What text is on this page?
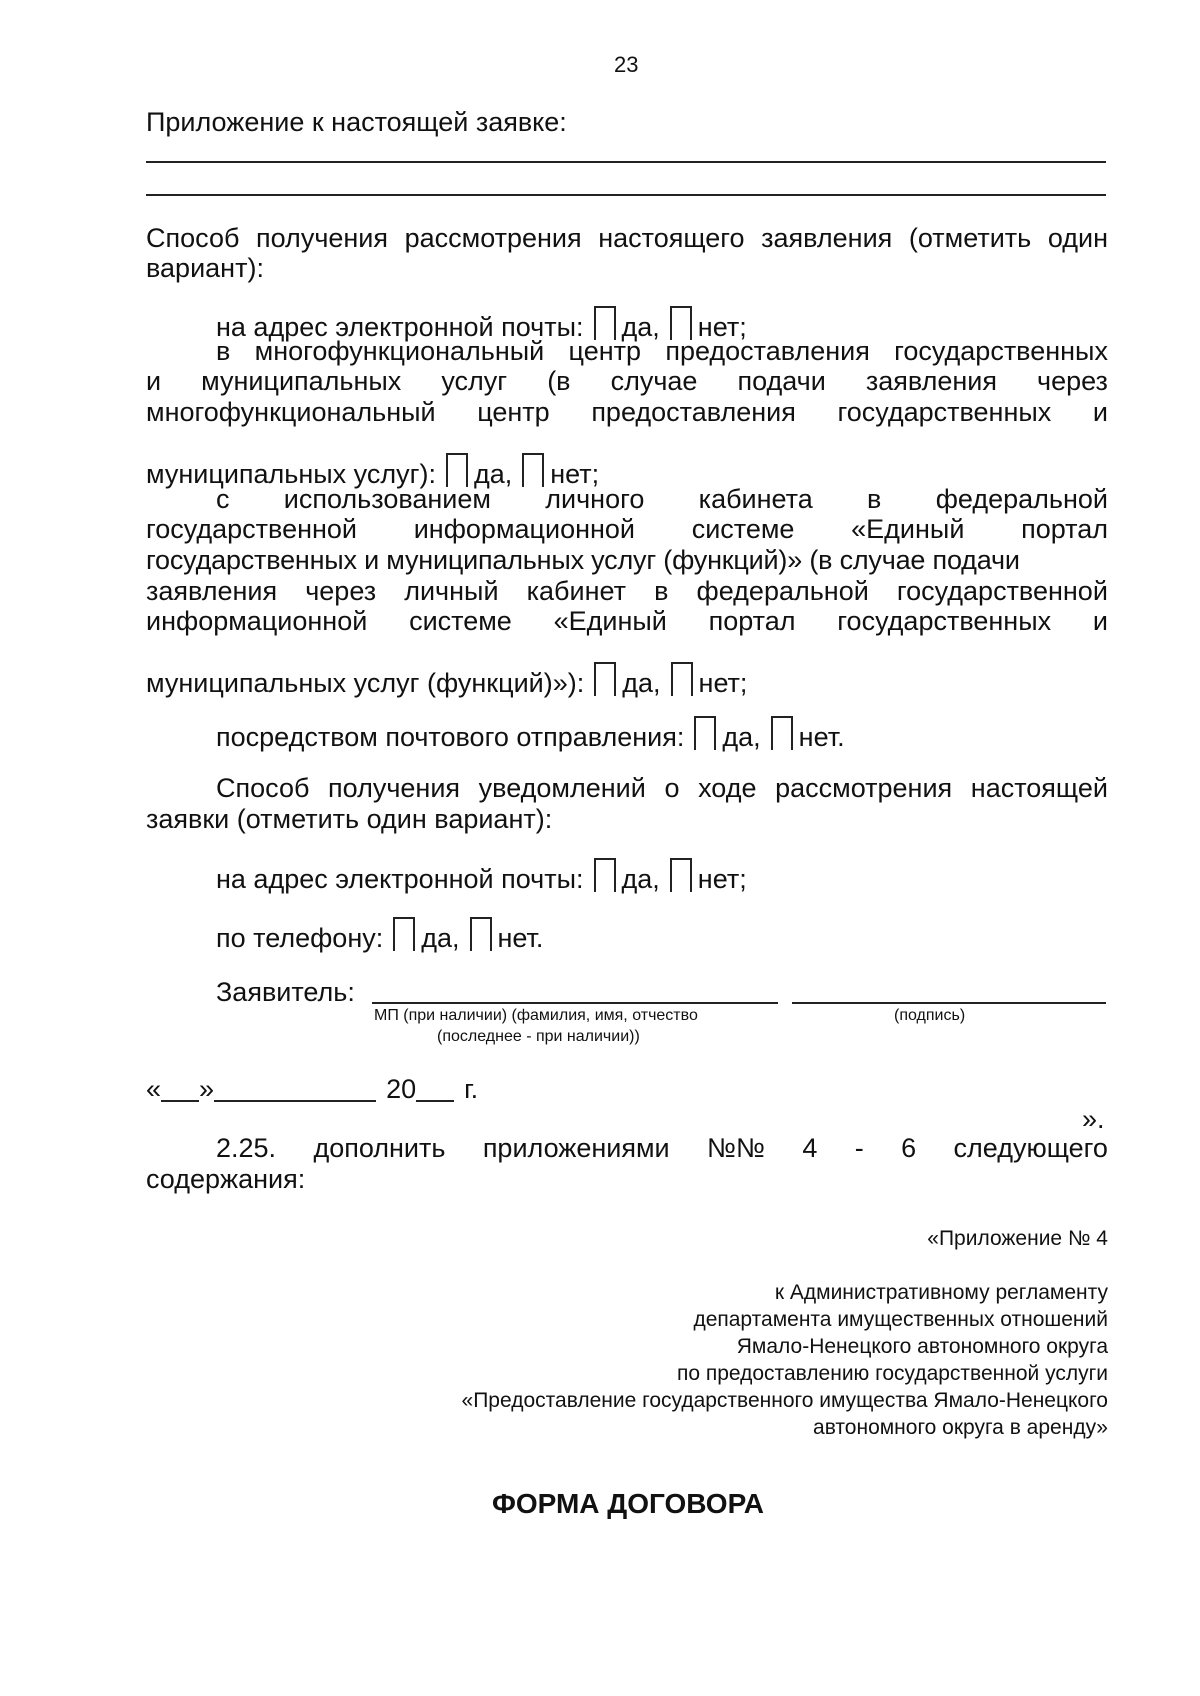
23
Приложение к настоящей заявке:
Способ получения рассмотрения настоящего заявления (отметить один
вариант):
на адрес электронной почты: да, нет;
в многофункциональный центр предоставления государственных
и муниципальных услуг (в случае подачи заявления через
многофункциональный центр предоставления государственных и
муниципальных услуг): да, нет;
с использованием личного кабинета в федеральной
государственной информационной системе «Единый портал
государственных и муниципальных услуг (функций)» (в случае подачи
заявления через личный кабинет в федеральной государственной
информационной системе «Единый портал государственных и
муниципальных услуг (функций)»): да, нет;
посредством почтового отправления: да, нет.
Способ получения уведомлений о ходе рассмотрения настоящей
заявки (отметить один вариант):
на адрес электронной почты: да, нет;
по телефону: да, нет.
Заявитель:
МП (при наличии) (фамилия, имя, отчество
(последнее - при наличии))
(подпись)
« »	20 г.
».
2.25. дополнить приложениями №№ 4 - 6 следующего
содержания:
«Приложение № 4
к Административному регламенту
департамента имущественных отношений
Ямало-Ненецкого автономного округа
по предоставлению государственной услуги
«Предоставление государственного имущества Ямало-Ненецкого
автономного округа в аренду»
ФОРМА ДОГОВОРА
